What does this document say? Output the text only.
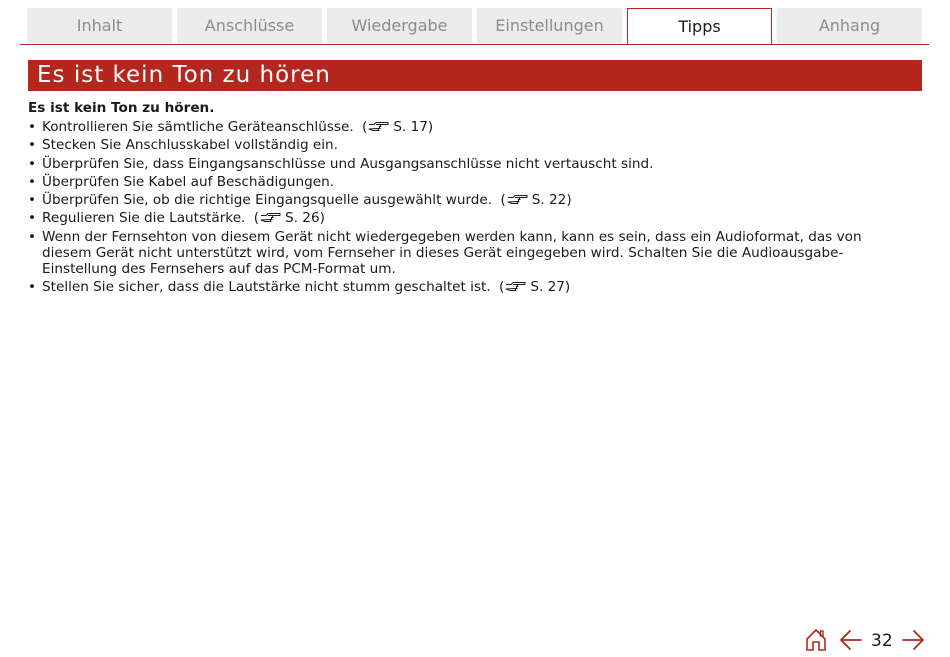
Inhalt	Anschlüsse	Wiedergabe	Einstellungen	Tipps	Anhang
Es ist kein Ton zu hören
Es ist kein Ton zu hören.
• Kontrollieren Sie sämtliche Geräteanschlüsse. ( S. 17)
• Stecken Sie Anschlusskabel vollständig ein.
• Überprüfen Sie, dass Eingangsanschlüsse und Ausgangsanschlüsse nicht vertauscht sind.
• Überprüfen Sie Kabel auf Beschädigungen.
• Überprüfen Sie, ob die richtige Eingangsquelle ausgewählt wurde. ( S. 22)
• Regulieren Sie die Lautstärke. ( S. 26)
• Wenn der Fernsehton von diesem Gerät nicht wiedergegeben werden kann, kann es sein, dass ein Audioformat, das von diesem Gerät nicht unterstützt wird, vom Fernseher in dieses Gerät eingegeben wird. Schalten Sie die Audioausgabe-Einstellung des Fernsehers auf das PCM-Format um.
• Stellen Sie sicher, dass die Lautstärke nicht stumm geschaltet ist. ( S. 27)
32
